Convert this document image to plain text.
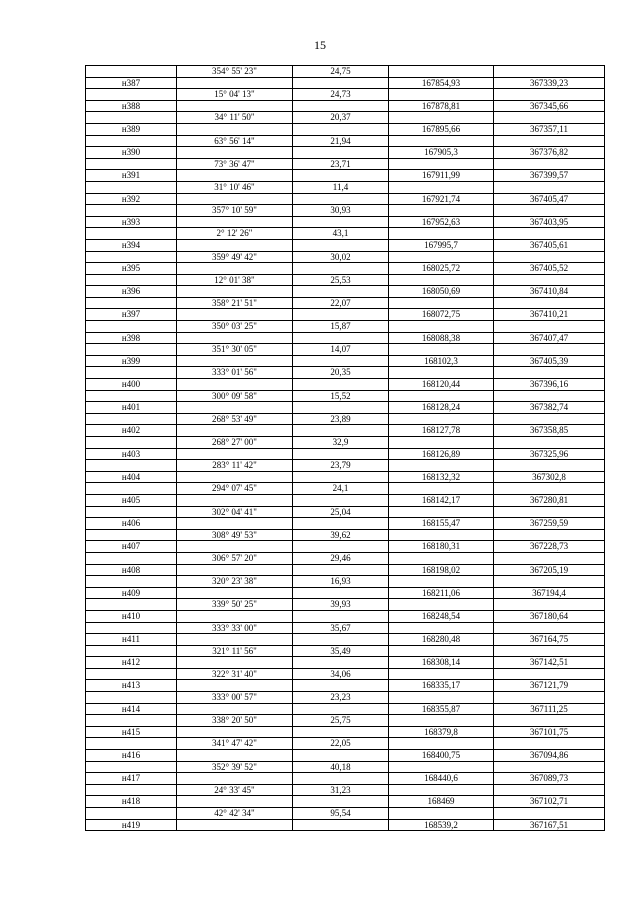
15
	354° 55' 23"	24,75		
н387			167854,93	367339,23
	15° 04' 13"	24,73		
н388			167878,81	367345,66
	34° 11' 50"	20,37		
н389			167895,66	367357,11
	63° 56' 14"	21,94		
н390			167905,3	367376,82
	73° 36' 47"	23,71		
н391			167911,99	367399,57
	31° 10' 46"	11,4		
н392			167921,74	367405,47
	357° 10' 59"	30,93		
н393			167952,63	367403,95
	2° 12' 26"	43,1		
н394			167995,7	367405,61
	359° 49' 42"	30,02		
н395			168025,72	367405,52
	12° 01' 38"	25,53		
н396			168050,69	367410,84
	358° 21' 51"	22,07		
н397			168072,75	367410,21
	350° 03' 25"	15,87		
н398			168088,38	367407,47
	351° 30' 05"	14,07		
н399			168102,3	367405,39
	333° 01' 56"	20,35		
н400			168120,44	367396,16
	300° 09' 58"	15,52		
н401			168128,24	367382,74
	268° 53' 49"	23,89		
н402			168127,78	367358,85
	268° 27' 00"	32,9		
н403			168126,89	367325,96
	283° 11' 42"	23,79		
н404			168132,32	367302,8
	294° 07' 45"	24,1		
н405			168142,17	367280,81
	302° 04' 41"	25,04		
н406			168155,47	367259,59
	308° 49' 53"	39,62		
н407			168180,31	367228,73
	306° 57' 20"	29,46		
н408			168198,02	367205,19
	320° 23' 38"	16,93		
н409			168211,06	367194,4
	339° 50' 25"	39,93		
н410			168248,54	367180,64
	333° 33' 00"	35,67		
н411			168280,48	367164,75
	321° 11' 56"	35,49		
н412			168308,14	367142,51
	322° 31' 40"	34,06		
н413			168335,17	367121,79
	333° 00' 57"	23,23		
н414			168355,87	367111,25
	338° 20' 50"	25,75		
н415			168379,8	367101,75
	341° 47' 42"	22,05		
н416			168400,75	367094,86
	352° 39' 52"	40,18		
н417			168440,6	367089,73
	24° 33' 45"	31,23		
н418			168469	367102,71
	42° 42' 34"	95,54		
н419			168539,2	367167,51
